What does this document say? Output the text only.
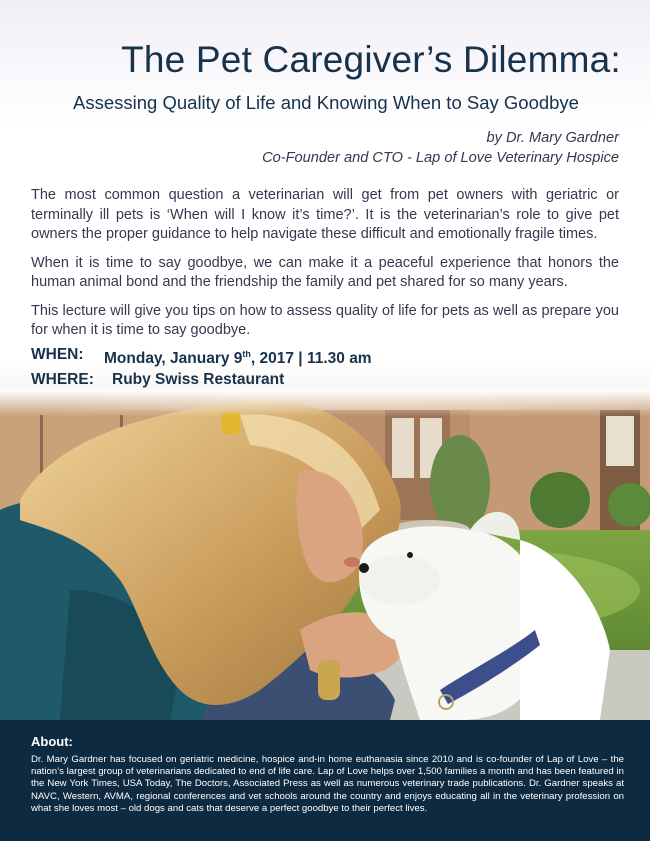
The Pet Caregiver’s Dilemma:
Assessing Quality of Life and Knowing When to Say Goodbye
by Dr. Mary Gardner
Co-Founder and CTO - Lap of Love Veterinary Hospice

The most common question a veterinarian will get from pet owners with geriatric or terminally ill pets is ‘When will I know it’s time?’. It is the veterinarian’s role to give pet owners the proper guidance to help navigate these difficult and emotionally fragile times.

When it is time to say goodbye, we can make it a peaceful experience that honors the human animal bond and the friendship the family and pet shared for so many years.

This lecture will give you tips on how to assess quality of life for pets as well as prepare you for when it is time to say goodbye.

WHEN:	Monday, January 9th, 2017 | 11.30 am
WHERE:	Ruby Swiss Restaurant
About:
Dr. Mary Gardner has focused on geriatric medicine, hospice and-in home euthanasia since 2010 and is co-founder of Lap of Love – the nation’s largest group of veterinarians dedicated to end of life care. Lap of Love helps over 1,500 families a month and has been featured in the New York Times, USA Today, The Doctors, Associated Press as well as numerous veterinary trade publications. Dr. Gardner speaks at NAVC, Western, AVMA, regional conferences and vet schools around the country and enjoys educating all in the veterinary profession on what she loves most – old dogs and cats that deserve a perfect goodbye to their perfect lives.
